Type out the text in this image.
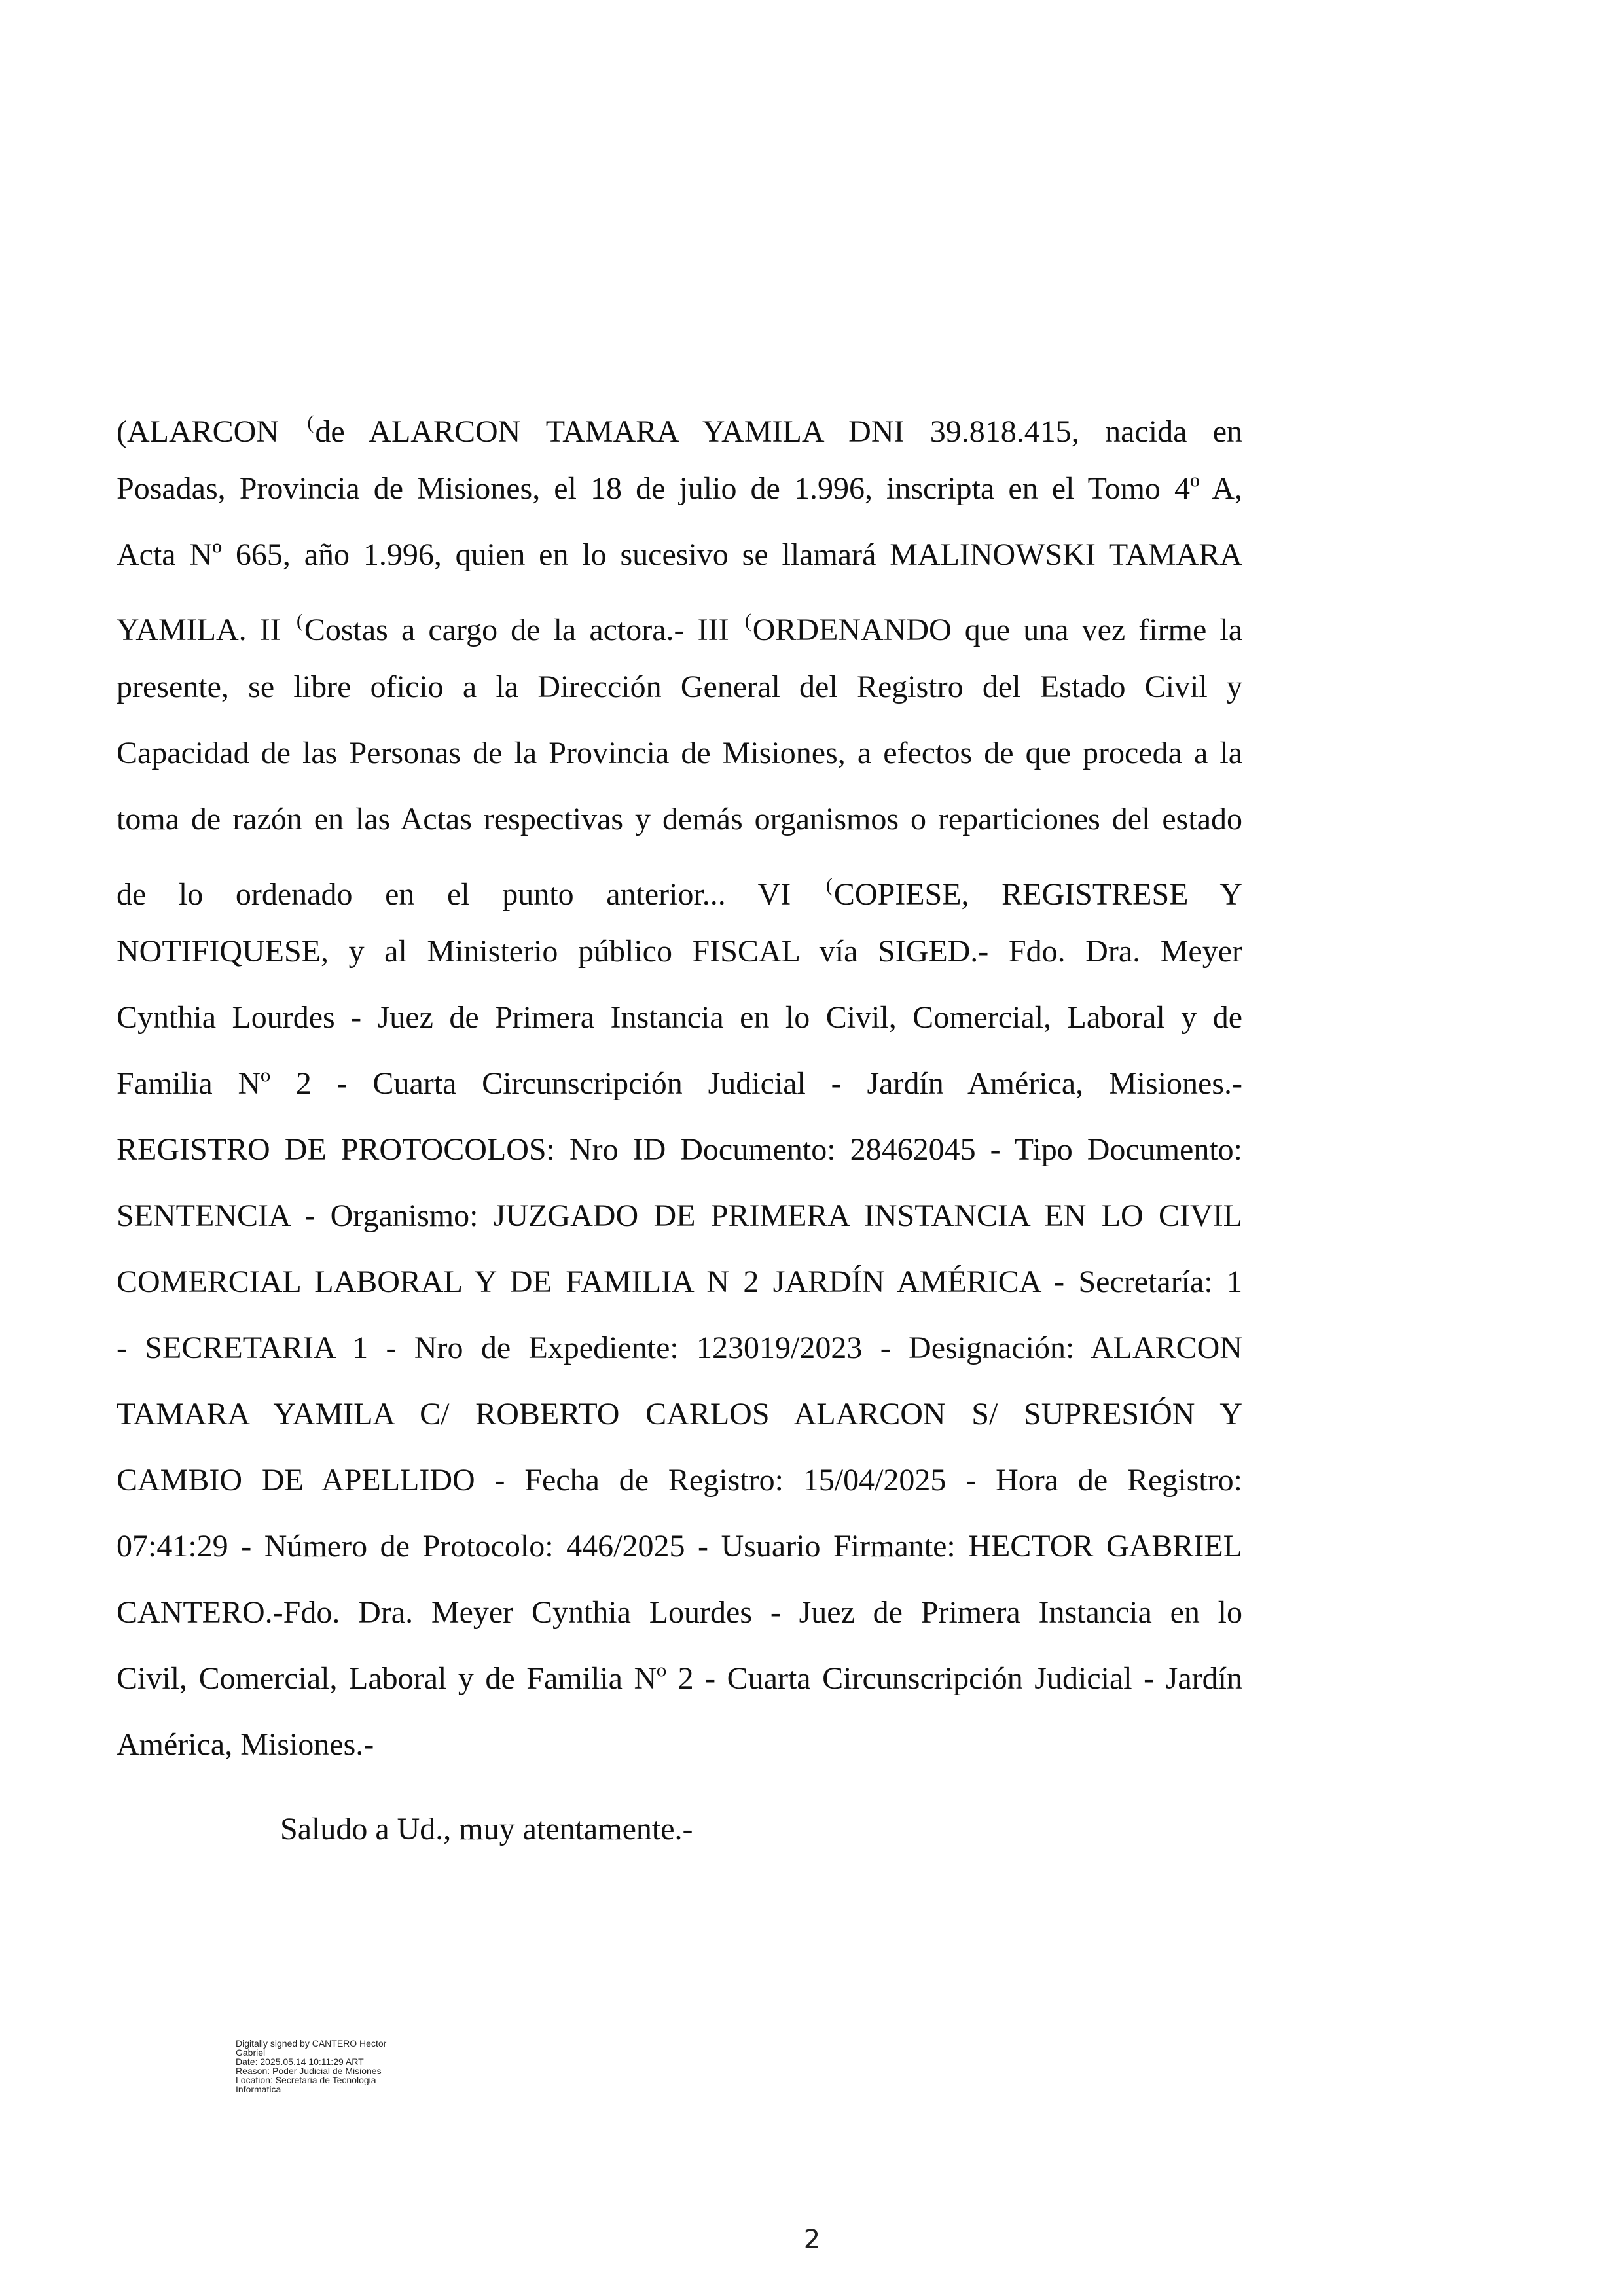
(ALARCON (de ALARCON TAMARA YAMILA DNI 39.818.415, nacida en
Posadas, Provincia de Misiones, el 18 de julio de 1.996, inscripta en el Tomo 4º A,
Acta Nº 665, año 1.996, quien en lo sucesivo se llamará MALINOWSKI TAMARA
YAMILA. II (Costas a cargo de la actora.- III (ORDENANDO que una vez firme la
presente, se libre oficio a la Dirección General del Registro del Estado Civil y
Capacidad de las Personas de la Provincia de Misiones, a efectos de que proceda a la
toma de razón en las Actas respectivas y demás organismos o reparticiones del estado
de lo ordenado en el punto anterior... VI (COPIESE, REGISTRESE Y
NOTIFIQUESE, y al Ministerio público FISCAL vía SIGED.- Fdo. Dra. Meyer
Cynthia Lourdes - Juez de Primera Instancia en lo Civil, Comercial, Laboral y de
Familia Nº 2 - Cuarta Circunscripción Judicial - Jardín América, Misiones.-
REGISTRO DE PROTOCOLOS: Nro ID Documento: 28462045 - Tipo Documento:
SENTENCIA - Organismo: JUZGADO DE PRIMERA INSTANCIA EN LO CIVIL
COMERCIAL LABORAL Y DE FAMILIA N 2 JARDÍN AMÉRICA - Secretaría: 1
- SECRETARIA 1 - Nro de Expediente: 123019/2023 - Designación: ALARCON
TAMARA YAMILA C/ ROBERTO CARLOS ALARCON S/ SUPRESIÓN Y
CAMBIO DE APELLIDO - Fecha de Registro: 15/04/2025 - Hora de Registro:
07:41:29 - Número de Protocolo: 446/2025 - Usuario Firmante: HECTOR GABRIEL
CANTERO.-Fdo. Dra. Meyer Cynthia Lourdes - Juez de Primera Instancia en lo
Civil, Comercial, Laboral y de Familia Nº 2 - Cuarta Circunscripción Judicial - Jardín
América, Misiones.-
Saludo a Ud., muy atentamente.-
Digitally signed by CANTERO Hector
Gabriel
Date: 2025.05.14 10:11:29 ART
Reason: Poder Judicial de Misiones
Location: Secretaria de Tecnologia
Informatica
2
